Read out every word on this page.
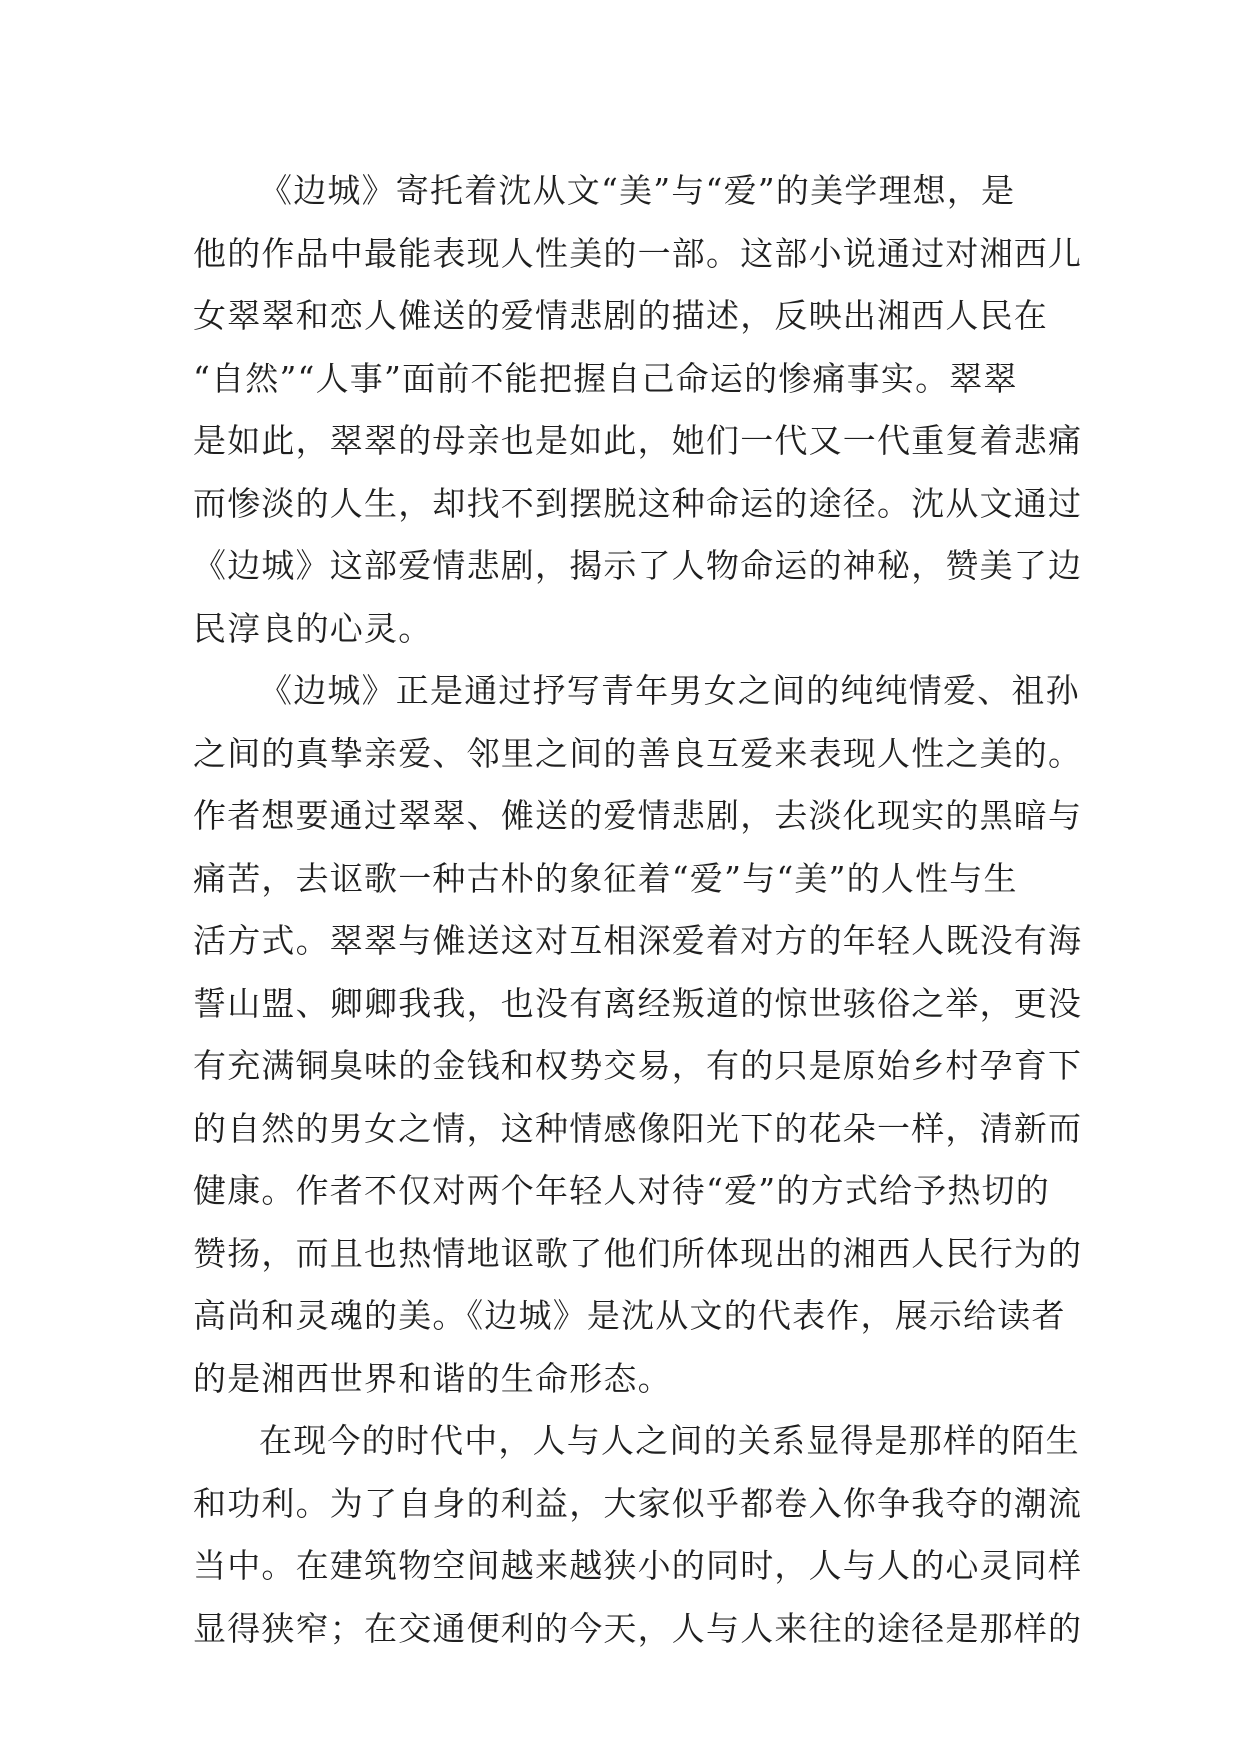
《边城》寄托着沈从文“美”与“爱”的美学理想，是
他的作品中最能表现人性美的一部。这部小说通过对湘西儿
女翠翠和恋人傩送的爱情悲剧的描述，反映出湘西人民在
“自然”“人事”面前不能把握自己命运的惨痛事实。翠翠
是如此，翠翠的母亲也是如此，她们一代又一代重复着悲痛
而惨淡的人生，却找不到摆脱这种命运的途径。沈从文通过
《边城》这部爱情悲剧，揭示了人物命运的神秘，赞美了边
民淳良的心灵。
《边城》正是通过抒写青年男女之间的纯纯情爱、祖孙
之间的真挚亲爱、邻里之间的善良互爱来表现人性之美的。
作者想要通过翠翠、傩送的爱情悲剧，去淡化现实的黑暗与
痛苦，去讴歌一种古朴的象征着“爱”与“美”的人性与生
活方式。翠翠与傩送这对互相深爱着对方的年轻人既没有海
誓山盟、卿卿我我，也没有离经叛道的惊世骇俗之举，更没
有充满铜臭味的金钱和权势交易，有的只是原始乡村孕育下
的自然的男女之情，这种情感像阳光下的花朵一样，清新而
健康。作者不仅对两个年轻人对待“爱”的方式给予热切的
赞扬，而且也热情地讴歌了他们所体现出的湘西人民行为的
高尚和灵魂的美。《边城》是沈从文的代表作，展示给读者
的是湘西世界和谐的生命形态。
在现今的时代中，人与人之间的关系显得是那样的陌生
和功利。为了自身的利益，大家似乎都卷入你争我夺的潮流
当中。在建筑物空间越来越狭小的同时，人与人的心灵同样
显得狭窄；在交通便利的今天，人与人来往的途径是那样的
